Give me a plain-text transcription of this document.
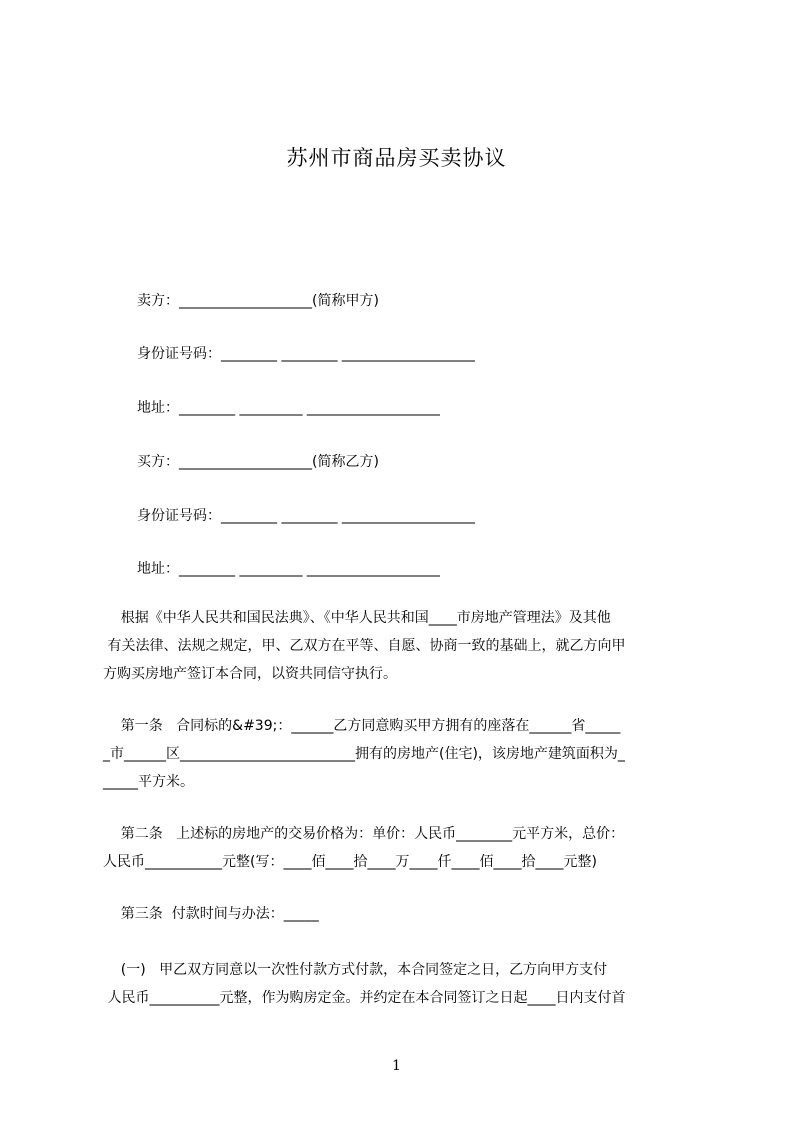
苏州市商品房买卖协议
卖方：___________________(简称甲方)
身份证号码：________ ________ ___________________
地址：________ _________ ___________________
买方：___________________(简称乙方)
身份证号码：________ ________ ___________________
地址：________ _________ ___________________
根据《中华人民共和国民法典》、《中华人民共和国____市房地产管理法》及其他
有关法律、法规之规定，甲、乙双方在平等、自愿、协商一致的基础上，就乙方向甲
方购买房地产签订本合同，以资共同信守执行。
第一条   合同标的&#39;：______乙方同意购买甲方拥有的座落在______省_____
_市______区_________________________拥有的房地产(住宅)，该房地产建筑面积为_
_____平方米。
第二条   上述标的房地产的交易价格为：单价：人民币________元平方米，总价：
人民币___________元整(写：____佰____拾____万____仟____佰____拾____元整)
第三条  付款时间与办法：_____
(一)   甲乙双方同意以一次性付款方式付款，本合同签定之日，乙方向甲方支付
人民币__________元整，作为购房定金。并约定在本合同签订之日起____日内支付首
1
